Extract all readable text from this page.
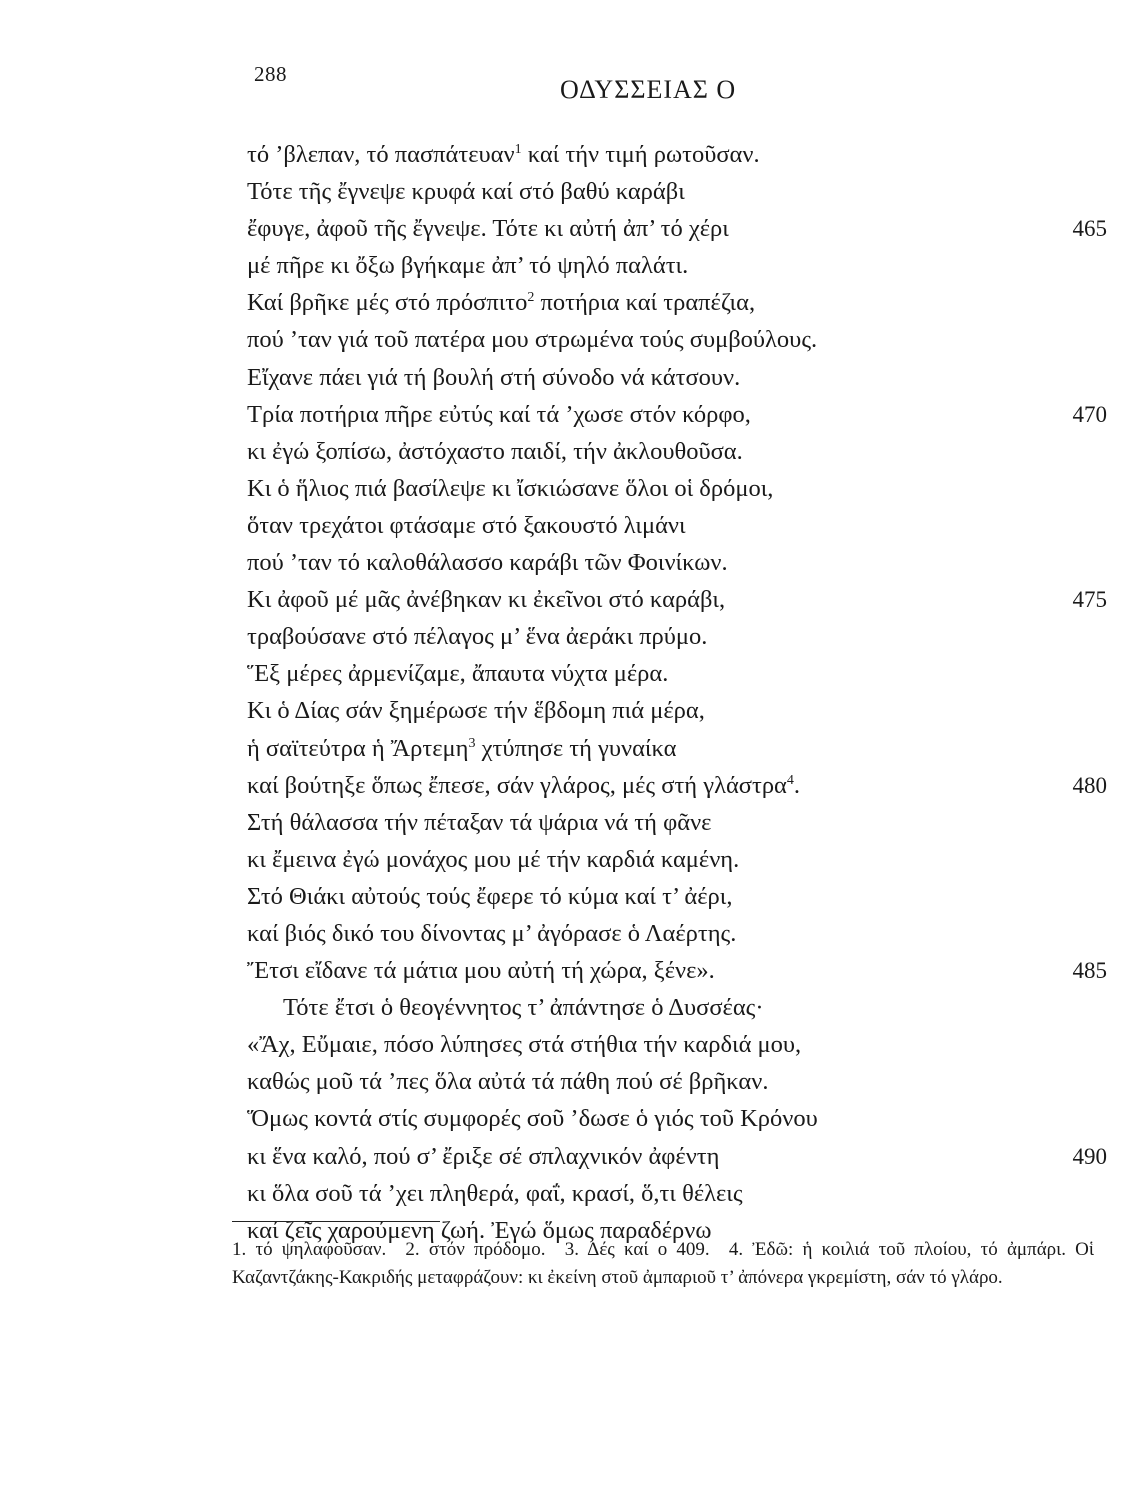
288
ΟΔΥΣΣΕΙΑΣ Ο
τό ’βλεπαν, τό πασπάτευαν$^1$ καί τήν τιμή ρωτοῦσαν.
Τότε τῆς ἔγνεψε κρυφά καί στό βαθύ καράβι
ἔφυγε, ἀφοῦ τῆς ἔγνεψε. Τότε κι αὐτή ἀπ’ τό χέρι	465
μέ πῆρε κι ὄξω βγήκαμε ἀπ’ τό ψηλό παλάτι.
Καί βρῆκε μές στό πρόσπιτο$^2$ ποτήρια καί τραπέζια,
πού ’ταν γιά τοῦ πατέρα μου στρωμένα τούς συμβούλους.
Εἴχανε πάει γιά τή βουλή στή σύνοδο νά κάτσουν.
Τρία ποτήρια πῆρε εὐτύς καί τά ’χωσε στόν κόρφο,	470
κι ἐγώ ξοπίσω, ἀστόχαστο παιδί, τήν ἀκλουθοῦσα.
Κι ὁ ἥλιος πιά βασίλεψε κι ἴσκιώσανε ὅλοι οἱ δρόμοι,
ὅταν τρεχάτοι φτάσαμε στό ξακουστό λιμάνι
πού ’ταν τό καλοθάλασσο καράβι τῶν Φοινίκων.
Κι ἀφοῦ μέ μᾶς ἀνέβηκαν κι ἐκεῖνοι στό καράβι,	475
τραβούσανε στό πέλαγος μ’ ἕνα ἀεράκι πρύμο.
Ἕξ μέρες ἀρμενίζαμε, ἄπαυτα νύχτα μέρα.
Κι ὁ Δίας σάν ξημέρωσε τήν ἕβδομη πιά μέρα,
ἡ σαϊτεύτρα ἡ Ἄρτεμη$^3$ χτύπησε τή γυναίκα
καί βούτηξε ὅπως ἔπεσε, σάν γλάρος, μές στή γλάστρα$^4$.	480
Στή θάλασσα τήν πέταξαν τά ψάρια νά τή φᾶνε
κι ἔμεινα ἐγώ μονάχος μου μέ τήν καρδιά καμένη.
Στό Θιάκι αὐτούς τούς ἔφερε τό κύμα καί τ’ ἀέρι,
καί βιός δικό του δίνοντας μ’ ἀγόρασε ὁ Λαέρτης.
Ἔτσι εἴδανε τά μάτια μου αὐτή τή χώρα, ξένε».	485
Τότε ἔτσι ὁ θεογέννητος τ’ ἀπάντησε ὁ Δυσσέας·
«Ἄχ, Εὔμαιε, πόσο λύπησες στά στήθια τήν καρδιά μου,
καθώς μοῦ τά ’πες ὅλα αὐτά τά πάθη πού σέ βρῆκαν.
Ὅμως κοντά στίς συμφορές σοῦ ’δωσε ὁ γιός τοῦ Κρόνου
κι ἕνα καλό, πού σ’ ἔριξε σέ σπλαχνικόν ἀφέντη	490
κι ὅλα σοῦ τά ’χει πληθερά, φαΐ, κρασί, ὅ,τι θέλεις
καί ζεῖς χαρούμενη ζωή. Ἐγώ ὅμως παραδέρνω
1. τό ψηλαφοῦσαν. 2. στόν πρόδομο. 3. Δές καί ο 409. 4. Ἐδῶ: ἡ κοιλιά τοῦ πλοίου, τό ἀμπάρι. Οἱ Καζαντζάκης-Κακριδής μεταφράζουν: κι ἐκείνη στοῦ ἀμπαριοῦ τ’ ἀπόνερα γκρεμίστη, σάν τό γλάρο.
